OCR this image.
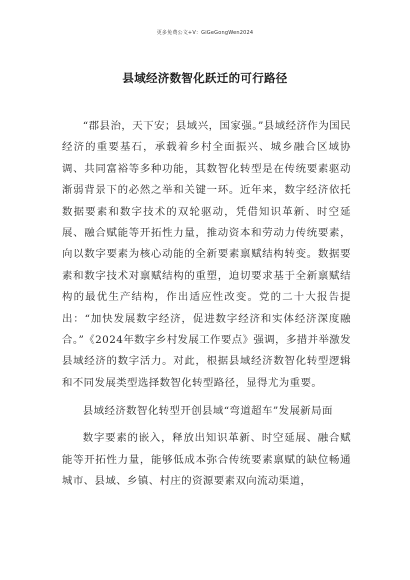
更多免费公文+V：GiGeGongWen2024
县域经济数智化跃迁的可行路径

“郡县治，天下安；县域兴，国家强。”县域经济作为国民经济的重要基石，承载着乡村全面振兴、城乡融合区域协调、共同富裕等多种功能，其数智化转型是在传统要素驱动渐弱背景下的必然之举和关键一环。近年来，数字经济依托数据要素和数字技术的双轮驱动，凭借知识革新、时空延展、融合赋能等开拓性力量，推动资本和劳动力传统要素，向以数字要素为核心动能的全新要素禀赋结构转变。数据要素和数字技术对禀赋结构的重塑，迫切要求基于全新禀赋结构的最优生产结构，作出适应性改变。党的二十大报告提出：“加快发展数字经济，促进数字经济和实体经济深度融合。”《2024年数字乡村发展工作要点》强调，多措并举激发县域经济的数字活力。对此，根据县域经济数智化转型逻辑和不同发展类型选择数智化转型路径，显得尤为重要。

县域经济数智化转型开创县域“弯道超车”发展新局面

数字要素的嵌入，释放出知识革新、时空延展、融合赋能等开拓性力量，能够低成本弥合传统要素禀赋的缺位畅通城市、县域、乡镇、村庄的资源要素双向流动渠道，
